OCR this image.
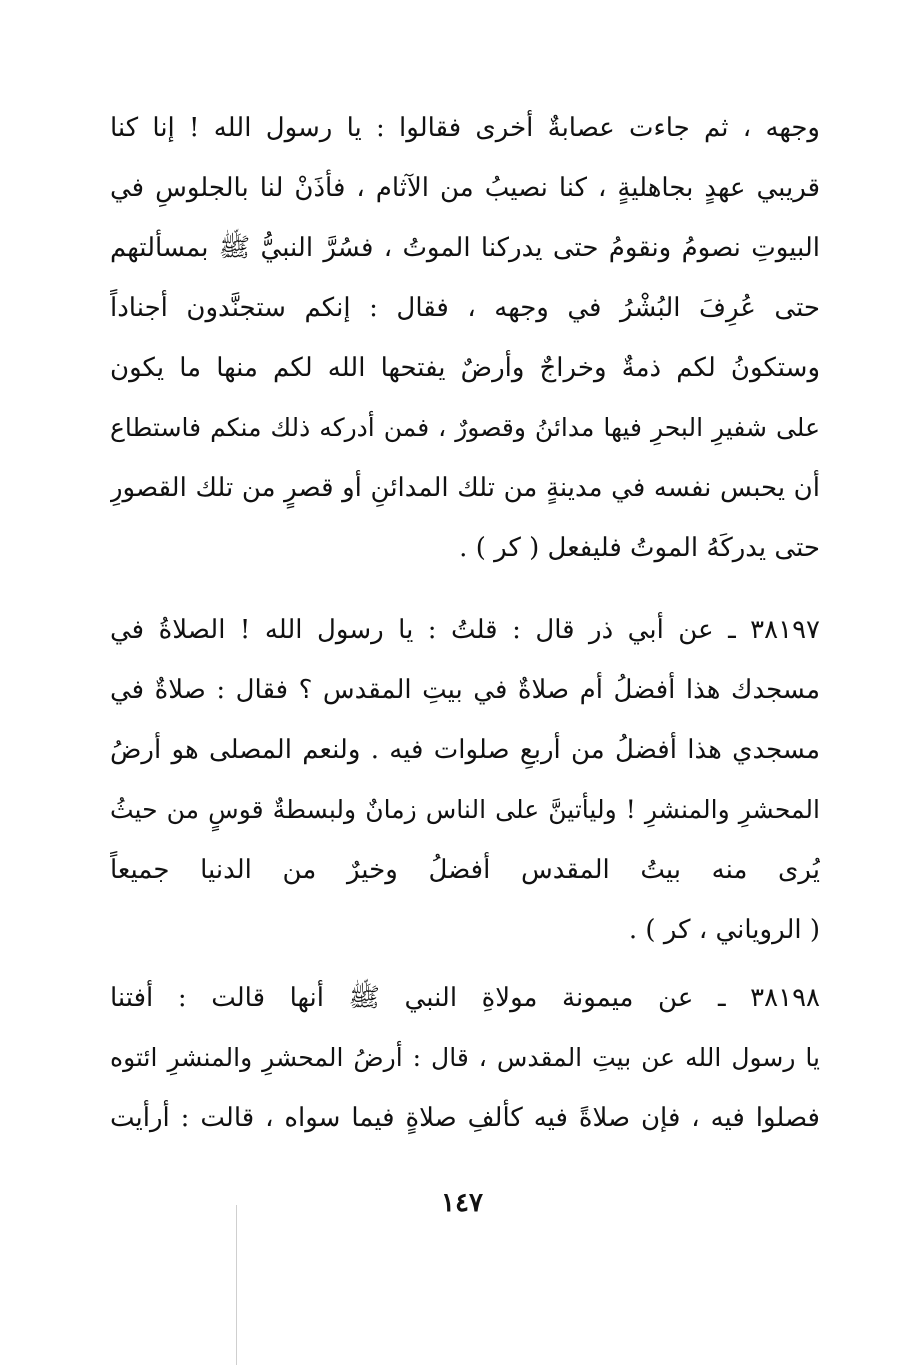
وجهه ، ثم جاءت عصابةٌ أخرى فقالوا : يا رسول الله ! إنا كنا
قريبي عهدٍ بجاهليةٍ ، كنا نصيبُ من الآثام ، فأذَنْ لنا بالجلوسِ في
البيوتِ نصومُ ونقومُ حتى يدركنا الموتُ ، فسُرَّ النبيُّ ﷺ بمسألتهم
حتى عُرِفَ البُشْرُ في وجهه ، فقال : إنكم ستجنَّدون أجناداً
وستكونُ لكم ذمةٌ وخراجٌ وأرضٌ يفتحها الله لكم منها ما يكون
على شفيرِ البحرِ فيها مدائنُ وقصورٌ ، فمن أدركه ذلك منكم فاستطاع
أن يحبس نفسه في مدينةٍ من تلك المدائنِ أو قصرٍ من تلك القصورِ
حتى يدركَهُ الموتُ فليفعل ( كر ) .
٣٨١٩٧ ـ عن أبي ذر قال : قلتُ : يا رسول الله ! الصلاةُ في
مسجدك هذا أفضلُ أم صلاةٌ في بيتِ المقدس ؟ فقال : صلاةٌ في
مسجدي هذا أفضلُ من أربعِ صلوات فيه . ولنعم المصلى هو أرضُ
المحشرِ والمنشرِ ! وليأتينَّ على الناس زمانٌ ولبسطةٌ قوسٍ من حيثُ
يُرى منه بيتُ المقدس أفضلُ وخيرٌ من الدنيا جميعاً
( الروياني ، كر ) .
٣٨١٩٨ ـ عن ميمونة مولاةِ النبي ﷺ أنها قالت : أفتنا
يا رسول الله عن بيتِ المقدس ، قال : أرضُ المحشرِ والمنشرِ ائتوه
فصلوا فيه ، فإن صلاةً فيه كألفِ صلاةٍ فيما سواه ، قالت : أرأيت
١٤٧
